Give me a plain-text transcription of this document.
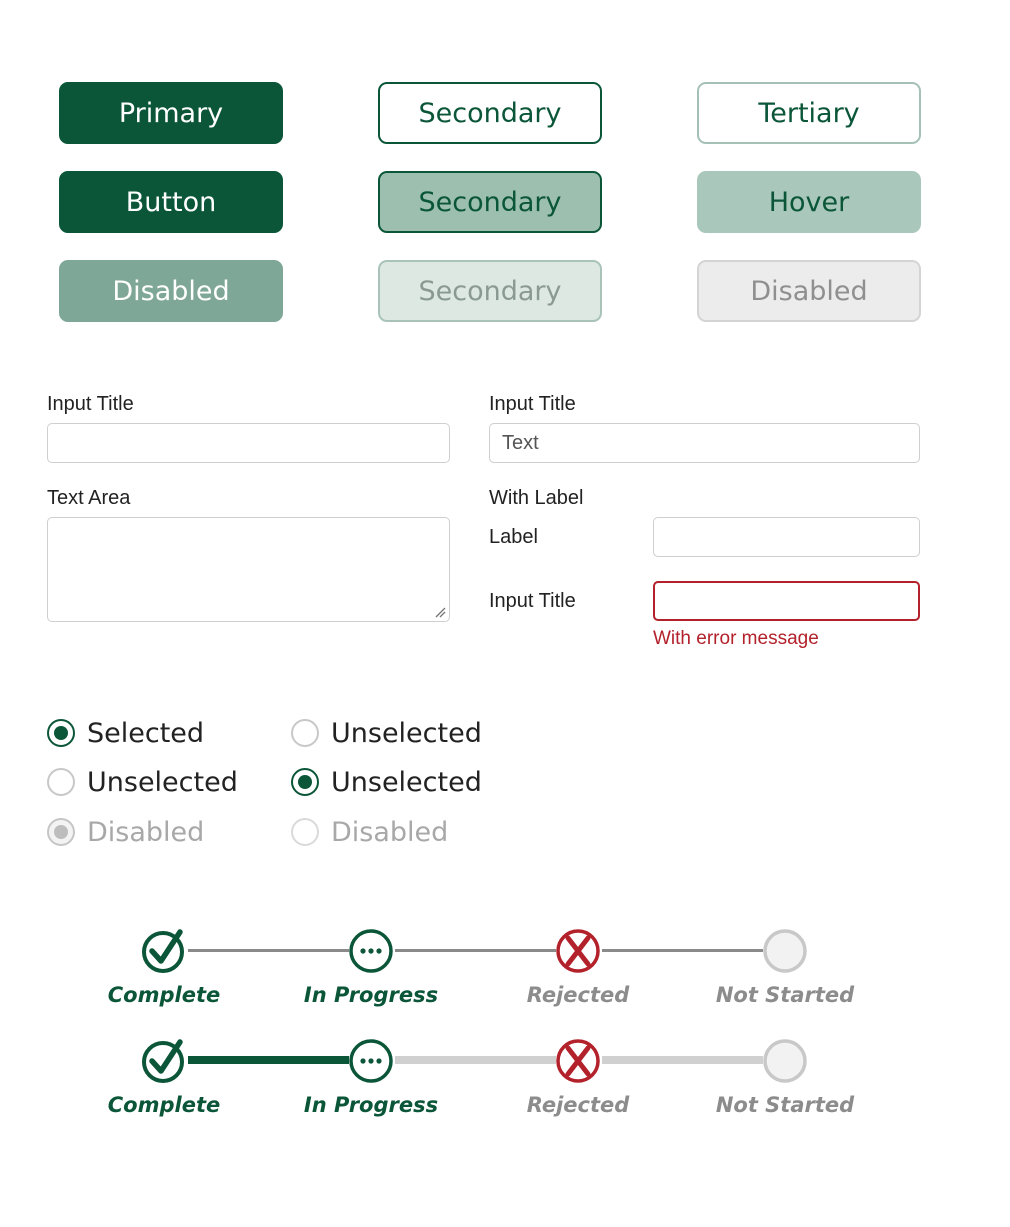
Primary
Button
Disabled
Secondary
Secondary
Secondary
Tertiary
Hover
Disabled
Input Title	Input Title
Text
Text Area	With Label
Label
Input Title
With error message
Selected
Unselected
Disabled
Unselected
Unselected
Disabled
Complete	In Progress	Rejected	Not Started
Complete	In Progress	Rejected	Not Started
